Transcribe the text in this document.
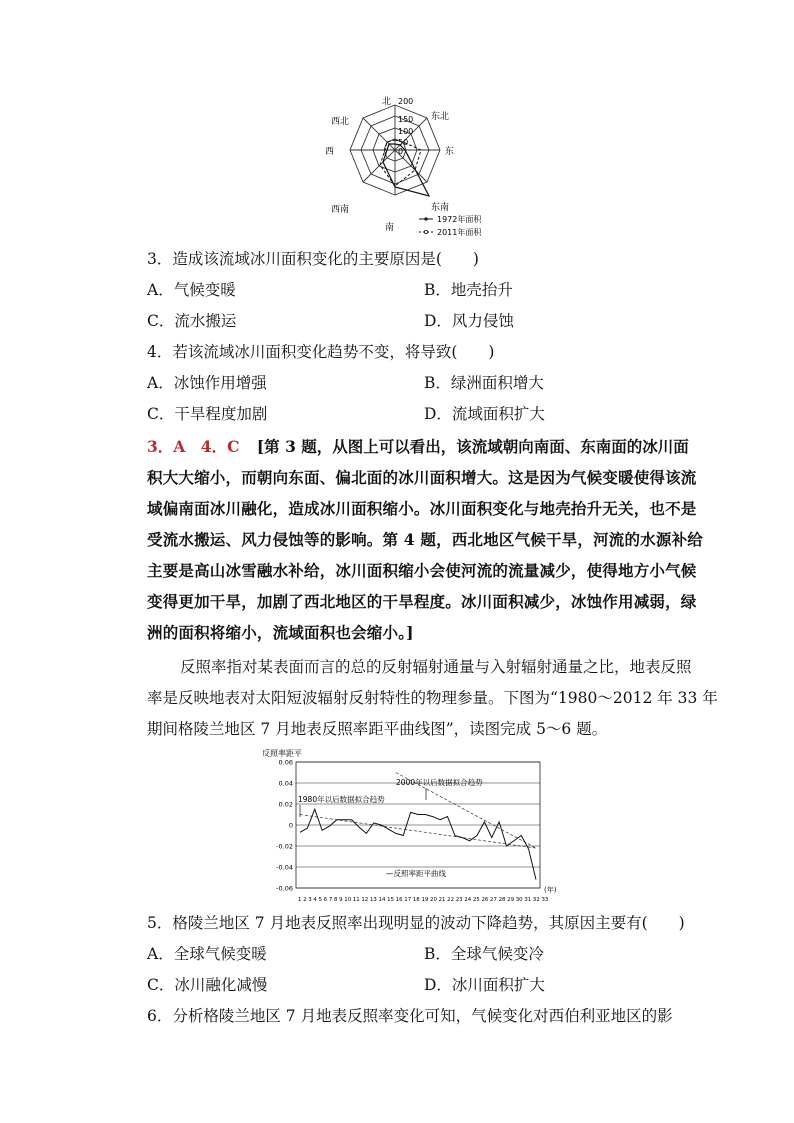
北 200
150
100
50
0
东北
西北
东
西
东南
西南
南
1972年面积
2011年面积
3．造成该流域冰川面积变化的主要原因是(　　)
A．气候变暖	B．地壳抬升
C．流水搬运	D．风力侵蚀
4．若该流域冰川面积变化趋势不变，将导致(　　)
A．冰蚀作用增强	B．绿洲面积增大
C．干旱程度加剧	D．流域面积扩大
3．A　4．C [第 3 题，从图上可以看出，该流域朝向南面、东南面的冰川面
积大大缩小，而朝向东面、偏北面的冰川面积增大。这是因为气候变暖使得该流
域偏南面冰川融化，造成冰川面积缩小。冰川面积变化与地壳抬升无关，也不是
受流水搬运、风力侵蚀等的影响。第 4 题，西北地区气候干旱，河流的水源补给
主要是高山冰雪融水补给，冰川面积缩小会使河流的流量减少，使得地方小气候
变得更加干旱，加剧了西北地区的干旱程度。冰川面积减少，冰蚀作用减弱，绿
洲的面积将缩小，流域面积也会缩小。]
反照率指对某表面而言的总的反射辐射通量与入射辐射通量之比，地表反照
率是反映地表对太阳短波辐射反射特性的物理参量。下图为“1980～2012 年 33 年
期间格陵兰地区 7 月地表反照率距平曲线图”，读图完成 5～6 题。
反照率距平
0.06
0.04
0.02
0
-0.02
-0.04
-0.06
1 2 3 4 5 6 7 8 9 10 11 12 13 14 15 16 17 18 19 20 21 22 23 24 25 26 27 28 29 30 31 32 33
(年)
—反照率距平曲线
2000年以后数据拟合趋势
1980年以后数据拟合趋势
5．格陵兰地区 7 月地表反照率出现明显的波动下降趋势，其原因主要有(　　)
A．全球气候变暖	B．全球气候变冷
C．冰川融化减慢	D．冰川面积扩大
6．分析格陵兰地区 7 月地表反照率变化可知，气候变化对西伯利亚地区的影
